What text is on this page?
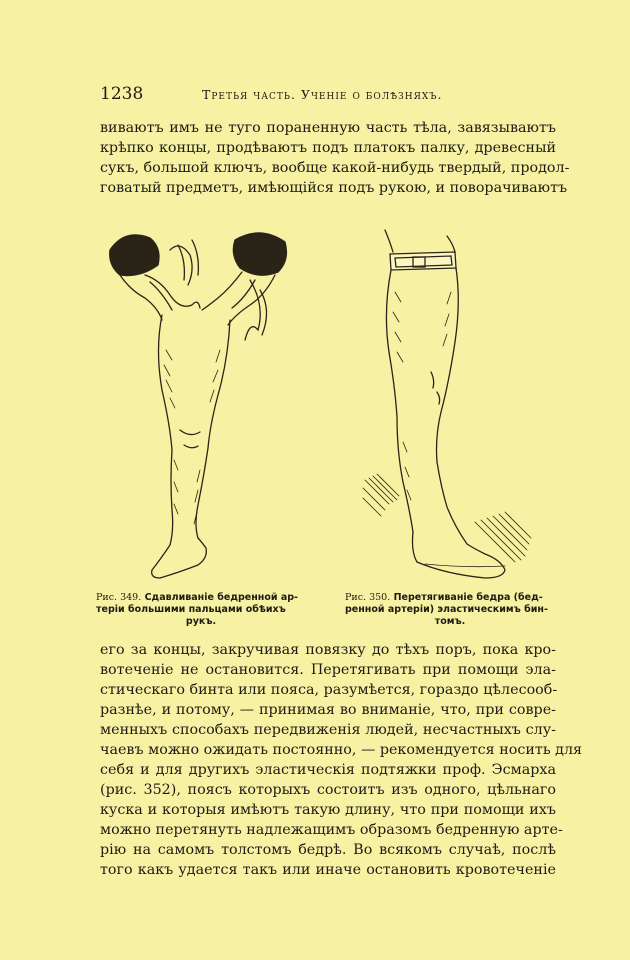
1238	Третья часть. Ученіе о болѣзняхъ.
виваютъ имъ не туго пораненную часть тѣла, завязываютъ
крѣпко концы, продѣваютъ подъ платокъ палку, древесный
сукъ, большой ключъ, вообще какой-нибудь твердый, продол-
говатый предметъ, имѣющійся подъ рукою, и поворачиваютъ
Рис. 349. Сдавливаніе бедренной ар-
теріи большими пальцами обѣихъ
рукъ.
Рис. 350. Перетягиваніе бедра (бед-
ренной артеріи) эластическимъ бин-
томъ.
его за концы, закручивая повязку до тѣхъ поръ, пока кро-
вотеченіе не остановится. Перетягивать при помощи эла-
стическаго бинта или пояса, разумѣется, гораздо цѣлесооб-
разнѣе, и потому, — принимая во вниманіе, что, при совре-
менныхъ способахъ передвиженія людей, несчастныхъ слу-
чаевъ можно ожидать постоянно, — рекомендуется носить для
себя и для другихъ эластическія подтяжки проф. Эсмарха
(рис. 352), поясъ которыхъ состоитъ изъ одного, цѣльнаго
куска и которыя имѣютъ такую длину, что при помощи ихъ
можно перетянуть надлежащимъ образомъ бедренную арте-
рію на самомъ толстомъ бедрѣ. Во всякомъ случаѣ, послѣ
того какъ удается такъ или иначе остановить кровотеченіе
